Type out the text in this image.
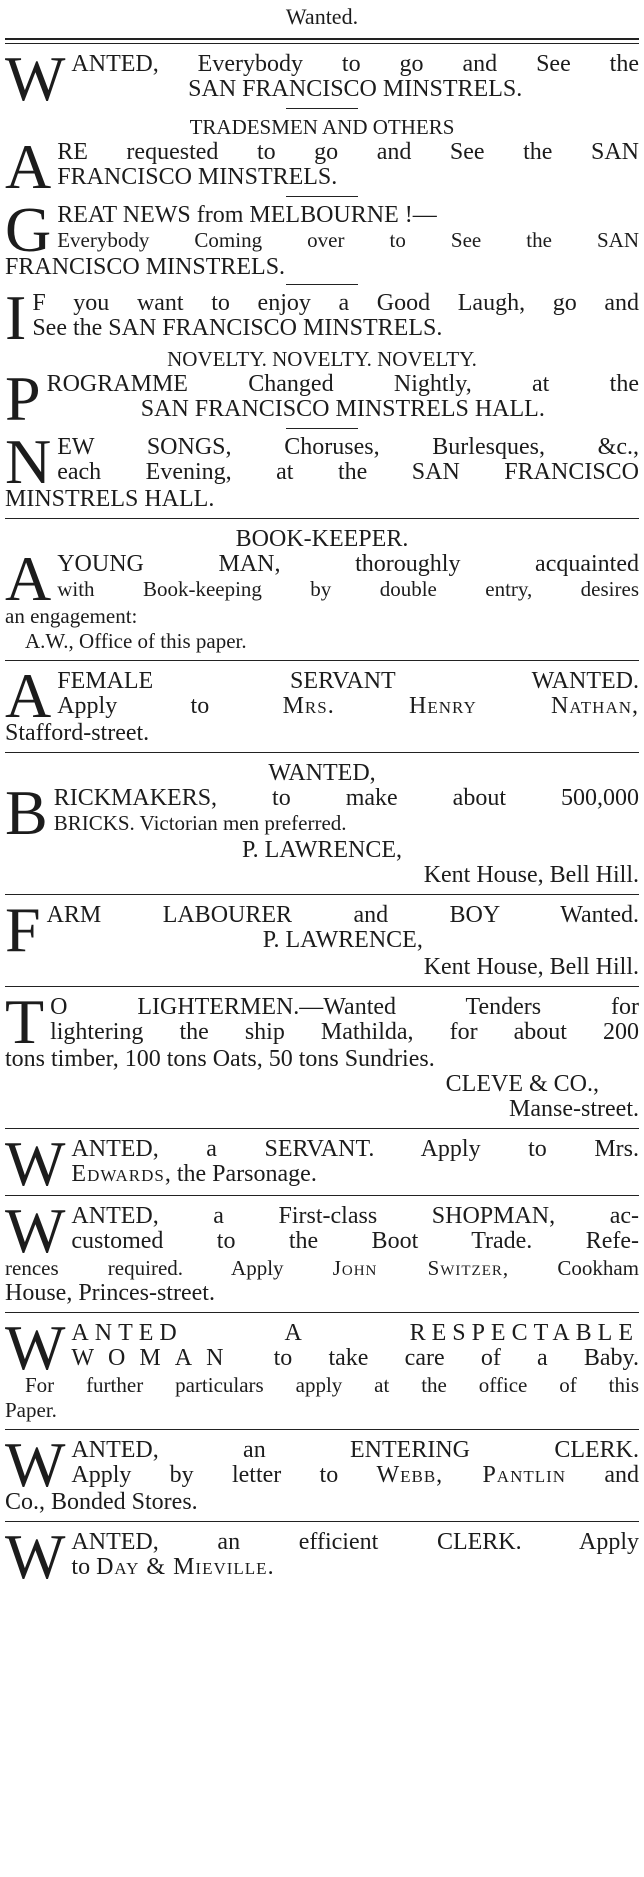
Wanted.
W ANTED, Everybody to go and See the

SAN FRANCISCO MINSTRELS.

TRADESMEN AND OTHERS

A RE requested to go and See the SAN

FRANCISCO MINSTRELS.

G REAT NEWS from MELBOURNE !—

Everybody Coming over to See the SAN

FRANCISCO MINSTRELS.

I F you want to enjoy a Good Laugh, go and

See the SAN FRANCISCO MINSTRELS.

NOVELTY. NOVELTY. NOVELTY.

P ROGRAMME Changed Nightly, at the

SAN FRANCISCO MINSTRELS HALL.

N EW SONGS, Choruses, Burlesques, &c.,

each Evening, at the SAN FRANCISCO

MINSTRELS HALL.

BOOK-KEEPER.

A YOUNG MAN, thoroughly acquainted

with Book-keeping by double entry, desires

an engagement:

A.W., Office of this paper.

A FEMALE SERVANT WANTED.

Apply to Mrs. Henry Nathan,

Stafford-street.

WANTED,

B RICKMAKERS, to make about 500,000

BRICKS. Victorian men preferred.

P. LAWRENCE,

Kent House, Bell Hill.

F ARM LABOURER and BOY Wanted.

P. LAWRENCE,

Kent House, Bell Hill.

T O LIGHTERMEN.—Wanted Tenders for

lightering the ship Mathilda, for about 200

tons timber, 100 tons Oats, 50 tons Sundries.

CLEVE & CO.,

Manse-street.

W ANTED, a SERVANT. Apply to Mrs.

Edwards, the Parsonage.

W ANTED, a First-class SHOPMAN, ac-

customed to the Boot Trade. Refe-

rences required. Apply John Switzer, Cookham

House, Princes-street.

W ANTED A RESPECTABLE

WOMAN to take care of a Baby.

For further particulars apply at the office of this

Paper.

W ANTED, an ENTERING CLERK.

Apply by letter to Webb, Pantlin and

Co., Bonded Stores.

W ANTED, an efficient CLERK. Apply

to Day & Mieville.
